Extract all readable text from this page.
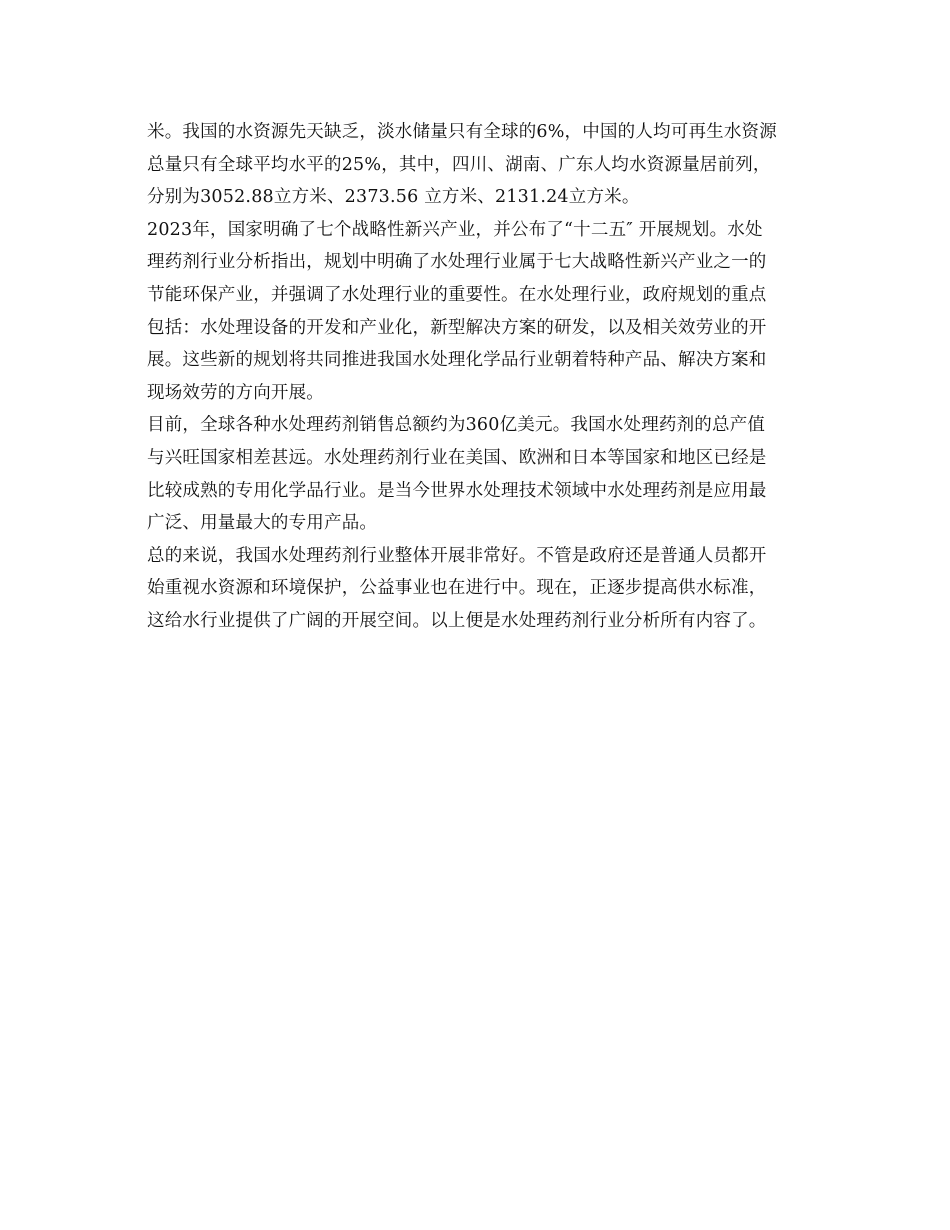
米。我国的水资源先天缺乏，淡水储量只有全球的6%，中国的人均可再生水资源
总量只有全球平均水平的25%，其中，四川、湖南、广东人均水资源量居前列，
分别为3052.88立方米、2373.56 立方米、2131.24立方米。

2023年，国家明确了七个战略性新兴产业，并公布了“十二五″ 开展规划。水处
理药剂行业分析指出，规划中明确了水处理行业属于七大战略性新兴产业之一的
节能环保产业，并强调了水处理行业的重要性。在水处理行业，政府规划的重点
包括：水处理设备的开发和产业化，新型解决方案的研发，以及相关效劳业的开
展。这些新的规划将共同推进我国水处理化学品行业朝着特种产品、解决方案和
现场效劳的方向开展。

目前，全球各种水处理药剂销售总额约为360亿美元。我国水处理药剂的总产值
与兴旺国家相差甚远。水处理药剂行业在美国、欧洲和日本等国家和地区已经是
比较成熟的专用化学品行业。是当今世界水处理技术领域中水处理药剂是应用最
广泛、用量最大的专用产品。

总的来说，我国水处理药剂行业整体开展非常好。不管是政府还是普通人员都开
始重视水资源和环境保护，公益事业也在进行中。现在，正逐步提高供水标准，
这给水行业提供了广阔的开展空间。以上便是水处理药剂行业分析所有内容了。
